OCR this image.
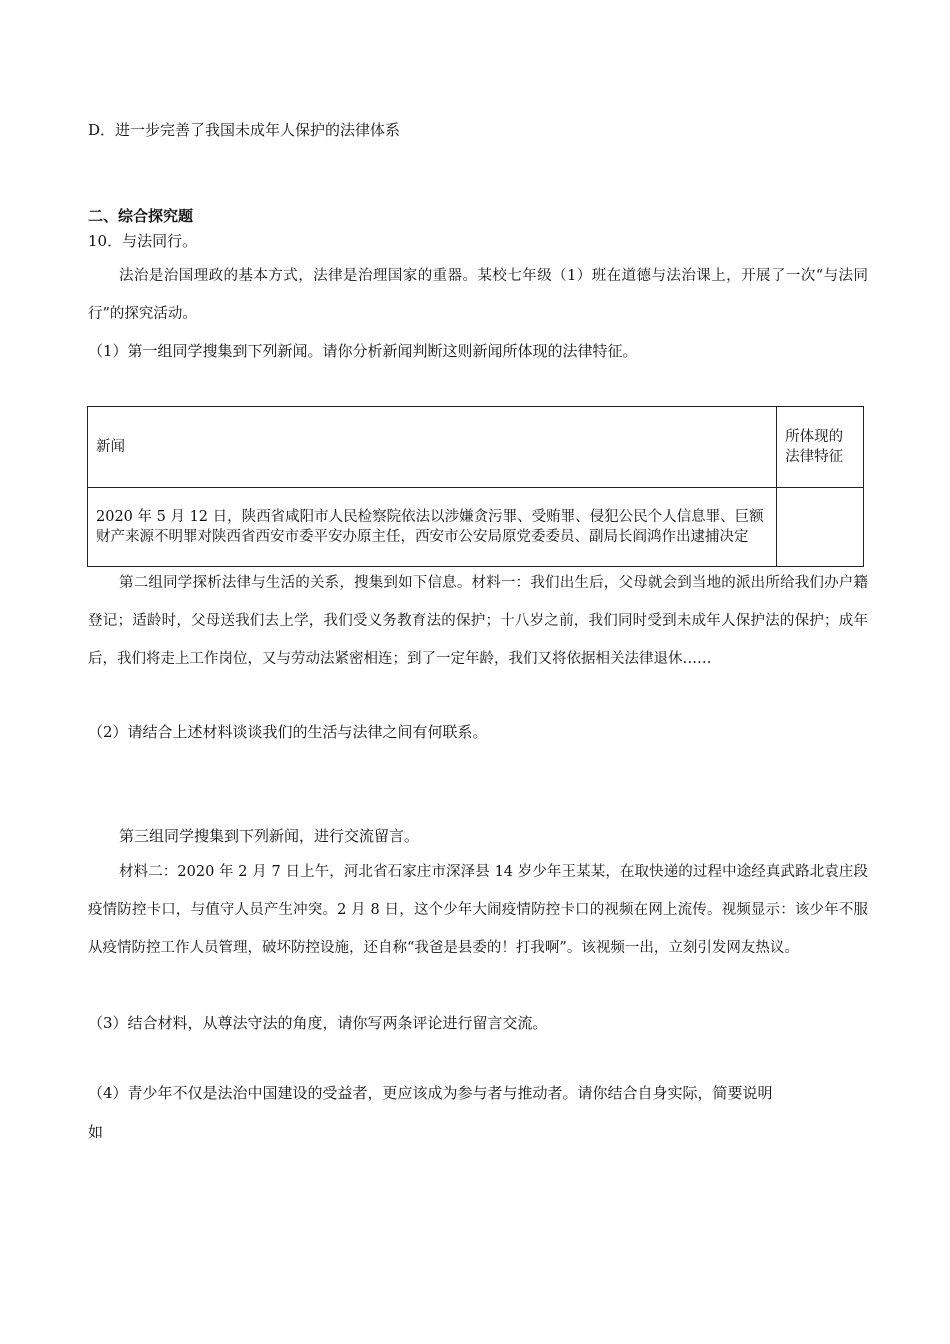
D．进一步完善了我国未成年人保护的法律体系
二、综合探究题
10．与法同行。
法治是治国理政的基本方式，法律是治理国家的重器。某校七年级（1）班在道德与法治课上，开展了一次“与法同行”的探究活动。
（1）第一组同学搜集到下列新闻。请你分析新闻判断这则新闻所体现的法律特征。
新闻	所体现的法律特征
2020 年 5 月 12 日，陕西省咸阳市人民检察院依法以涉嫌贪污罪、受贿罪、侵犯公民个人信息罪、巨额财产来源不明罪对陕西省西安市委平安办原主任，西安市公安局原党委委员、副局长阎鸿作出逮捕决定	
第二组同学探析法律与生活的关系，搜集到如下信息。材料一：我们出生后，父母就会到当地的派出所给我们办户籍登记；适龄时，父母送我们去上学，我们受义务教育法的保护；十八岁之前，我们同时受到未成年人保护法的保护；成年后，我们将走上工作岗位，又与劳动法紧密相连；到了一定年龄，我们又将依据相关法律退休……
（2）请结合上述材料谈谈我们的生活与法律之间有何联系。
第三组同学搜集到下列新闻，进行交流留言。
材料二：2020 年 2 月 7 日上午，河北省石家庄市深泽县 14 岁少年王某某，在取快递的过程中途经真武路北袁庄段疫情防控卡口，与值守人员产生冲突。2 月 8 日，这个少年大闹疫情防控卡口的视频在网上流传。视频显示：该少年不服从疫情防控工作人员管理，破坏防控设施，还自称“我爸是县委的！打我啊”。该视频一出，立刻引发网友热议。
（3）结合材料，从尊法守法的角度，请你写两条评论进行留言交流。
（4）青少年不仅是法治中国建设的受益者，更应该成为参与者与推动者。请你结合自身实际，简要说明
如
